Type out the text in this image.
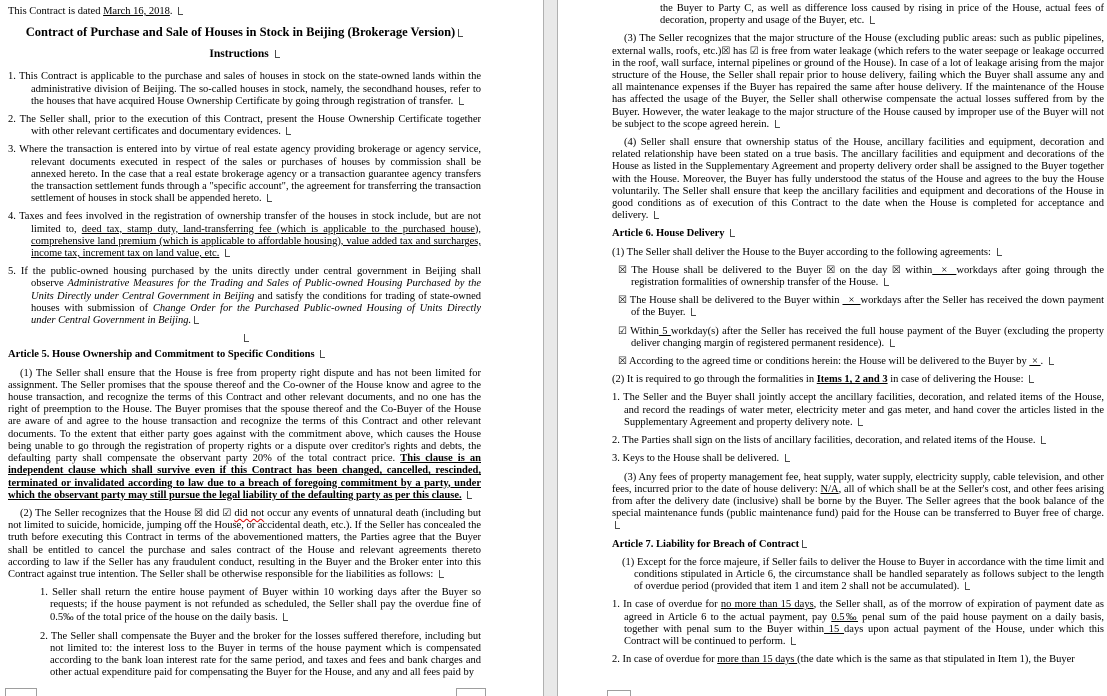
This Contract is dated March 16, 2018.
Contract of Purchase and Sale of Houses in Stock in Beijing (Brokerage Version)
Instructions
1. This Contract is applicable to the purchase and sales of houses in stock on the state-owned lands within the administrative division of Beijing. The so-called houses in stock, namely, the secondhand houses, refer to the houses that have acquired House Ownership Certificate by going through registration of transfer.
2. The Seller shall, prior to the execution of this Contract, present the House Ownership Certificate together with other relevant certificates and documentary evidences.
3. Where the transaction is entered into by virtue of real estate agency providing brokerage or agency service, relevant documents executed in respect of the sales or purchases of houses by commission shall be annexed hereto. In the case that a real estate brokerage agency or a transaction guarantee agency transfers the transaction settlement funds through a "specific account", the agreement for transferring the transaction settlement of houses in stock shall be appended hereto.
4. Taxes and fees involved in the registration of ownership transfer of the houses in stock include, but are not limited to, deed tax, stamp duty, land-transferring fee (which is applicable to the purchased house), comprehensive land premium (which is applicable to affordable housing), value added tax and surcharges, income tax, increment tax on land value, etc.
5. If the public-owned housing purchased by the units directly under central government in Beijing shall observe Administrative Measures for the Trading and Sales of Public-owned Housing Purchased by the Units Directly under Central Government in Beijing and satisfy the conditions for trading of state-owned houses with submission of Change Order for the Purchased Public-owned Housing of Units Directly under Central Government in Beijing.
Article 5. House Ownership and Commitment to Specific Conditions
(1) The Seller shall ensure that the House is free from property right dispute and has not been limited for assignment. The Seller promises that the spouse thereof and the Co-owner of the House know and agree to the house transaction, and recognize the terms of this Contract and other relevant documents, and no one has the right of preemption to the House. The Buyer promises that the spouse thereof and the Co-Buyer of the House are aware of and agree to the house transaction and recognize the terms of this Contract and other relevant documents. To the extent that either party goes against with the commitment above, which causes the House being unable to go through the registration of property rights or a dispute over creditor's rights and debts, the defaulting party shall compensate the observant party 20% of the total contract price. This clause is an independent clause which shall survive even if this Contract has been changed, cancelled, rescinded, terminated or invalidated according to law due to a breach of foregoing commitment by a party, under which the observant party may still pursue the legal liability of the defaulting party as per this clause.
(2) The Seller recognizes that the House ☒ did ☑ did not occur any events of unnatural death (including but not limited to suicide, homicide, jumping off the House, or accidental death, etc.). If the Seller has concealed the truth before executing this Contract in terms of the abovementioned matters, the Parties agree that the Buyer shall be entitled to cancel the purchase and sales contract of the House and relevant agreements thereto according to law if the Seller has any fraudulent conduct, resulting in the Buyer and the Broker enter into this Contract against true intention. The Seller shall be otherwise responsible for the liabilities as follows:
1. Seller shall return the entire house payment of Buyer within 10 working days after the Buyer so requests; if the house payment is not refunded as scheduled, the Seller shall pay the overdue fine of 0.5‰ of the total price of the house on the daily basis.
2. The Seller shall compensate the Buyer and the broker for the losses suffered therefore, including but not limited to: the interest loss to the Buyer in terms of the house payment which is compensated according to the bank loan interest rate for the same period, and taxes and fees and bank charges and other actual expenditure paid for compensating the Buyer for the House, and any and all fees paid by
the Buyer to Party C, as well as difference loss caused by rising in price of the House, actual fees of decoration, property and usage of the Buyer, etc.
(3) The Seller recognizes that the major structure of the House (excluding public areas: such as public pipelines, external walls, roofs, etc.)☒ has ☑ is free from water leakage (which refers to the water seepage or leakage occurred in the roof, wall surface, internal pipelines or ground of the House). In case of a lot of leakage arising from the major structure of the House, the Seller shall repair prior to house delivery, failing which the Buyer shall assume any and all maintenance expenses if the Buyer has repaired the same after house delivery. If the maintenance of the House has affected the usage of the Buyer, the Seller shall otherwise compensate the actual losses suffered from by the Buyer. However, the water leakage to the major structure of the House caused by improper use of the Buyer will not be subject to the scope agreed herein.
(4) Seller shall ensure that ownership status of the House, ancillary facilities and equipment, decoration and related relationship have been stated on a true basis. The ancillary facilities and equipment and decorations of the House as listed in the Supplementary Agreement and property delivery order shall be assigned to the Buyer together with the House. Moreover, the Buyer has fully understood the status of the House and agrees to the buy the House voluntarily. The Seller shall ensure that keep the ancillary facilities and equipment and decorations of the House in good conditions as of execution of this Contract to the date when the House is completed for acceptance and delivery.
Article 6. House Delivery
(1) The Seller shall deliver the House to the Buyer according to the following agreements:
☒ The House shall be delivered to the Buyer ☒ on the day ☒ within  ×  workdays after going through the registration formalities of ownership transfer of the House.
☒ The House shall be delivered to the Buyer within   ×  workdays after the Seller has received the down payment of the Buyer.
☑ Within 5 workday(s) after the Seller has received the full house payment of the Buyer (excluding the property deliver changing margin of registered permanent residence).
☒ According to the agreed time or conditions herein: the House will be delivered to the Buyer by  × .
(2) It is required to go through the formalities in Items 1, 2 and 3 in case of delivering the House:
1. The Seller and the Buyer shall jointly accept the ancillary facilities, decoration, and related items of the House, and record the readings of water meter, electricity meter and gas meter, and hand cover the articles listed in the Supplementary Agreement and property delivery note.
2. The Parties shall sign on the lists of ancillary facilities, decoration, and related items of the House.
3. Keys to the House shall be delivered.
(3) Any fees of property management fee, heat supply, water supply, electricity supply, cable television, and other fees, incurred prior to the date of house delivery: N/A, all of which shall be at the Seller's cost, and other fees arising from after the delivery date (inclusive) shall be borne by the Buyer. The Seller agrees that the book balance of the special maintenance funds (public maintenance fund) paid for the House can be transferred to Buyer free of charge.
Article 7. Liability for Breach of Contract
(1) Except for the force majeure, if Seller fails to deliver the House to Buyer in accordance with the time limit and conditions stipulated in Article 6, the circumstance shall be handled separately as follows subject to the length of overdue period (provided that item 1 and item 2 shall not be accumulated).
1. In case of overdue for no more than 15 days, the Seller shall, as of the morrow of expiration of payment date as agreed in Article 6 to the actual payment, pay 0.5‰ penal sum of the paid house payment on a daily basis, together with penal sum to the Buyer within 15 days upon actual payment of the House, under which this Contract will be continued to perform.
2. In case of overdue for more than 15 days (the date which is the same as that stipulated in Item 1), the Buyer
